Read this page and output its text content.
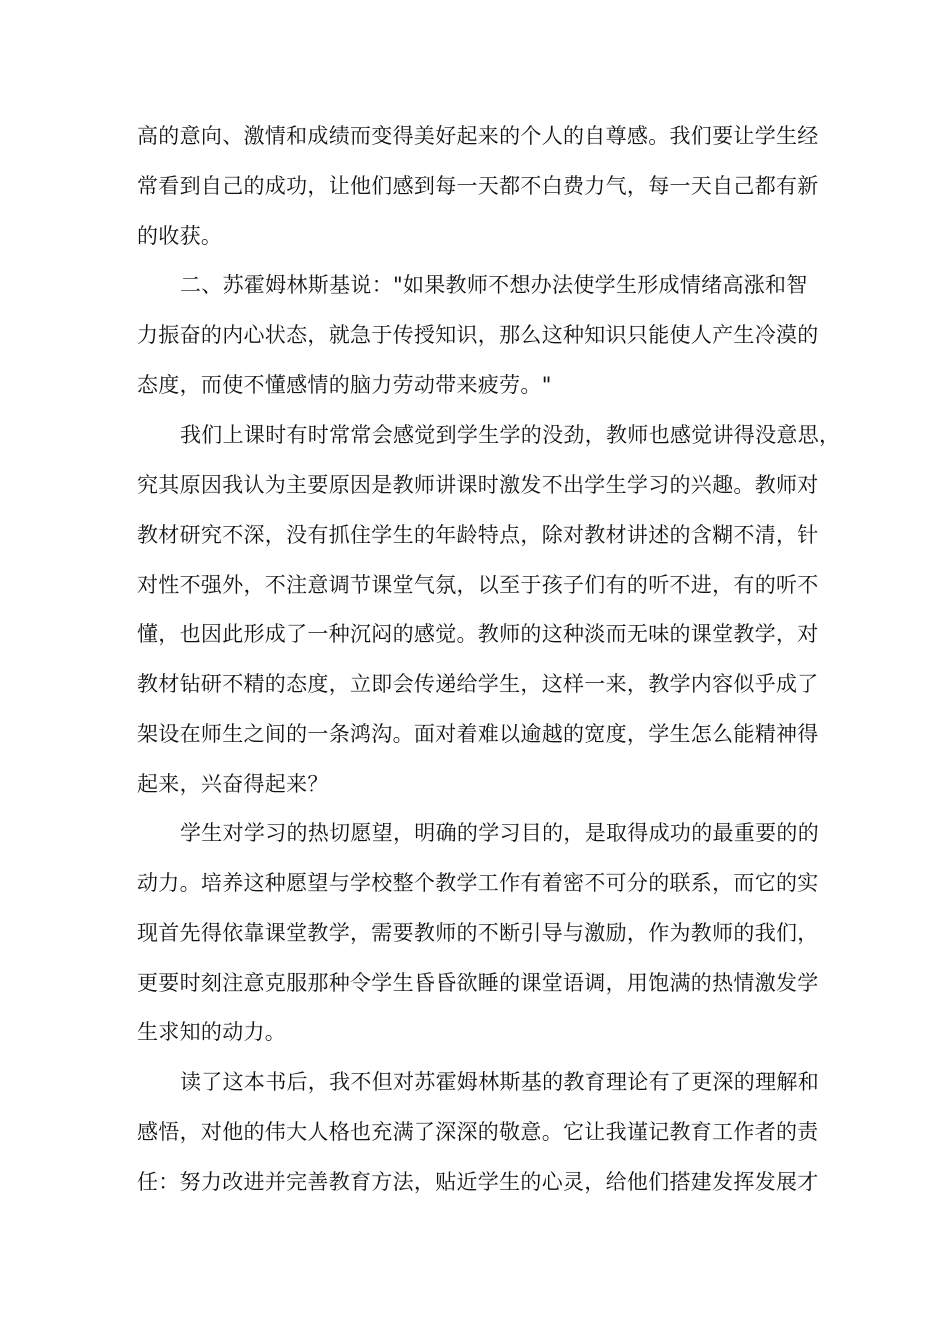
高的意向、激情和成绩而变得美好起来的个人的自尊感。我们要让学生经
常看到自己的成功，让他们感到每一天都不白费力气，每一天自己都有新
的收获。
二、苏霍姆林斯基说："如果教师不想办法使学生形成情绪高涨和智
力振奋的内心状态，就急于传授知识，那么这种知识只能使人产生冷漠的
态度，而使不懂感情的脑力劳动带来疲劳。"
我们上课时有时常常会感觉到学生学的没劲，教师也感觉讲得没意思，
究其原因我认为主要原因是教师讲课时激发不出学生学习的兴趣。教师对
教材研究不深，没有抓住学生的年龄特点，除对教材讲述的含糊不清，针
对性不强外，不注意调节课堂气氛，以至于孩子们有的听不进，有的听不
懂，也因此形成了一种沉闷的感觉。教师的这种淡而无味的课堂教学，对
教材钻研不精的态度，立即会传递给学生，这样一来，教学内容似乎成了
架设在师生之间的一条鸿沟。面对着难以逾越的宽度，学生怎么能精神得
起来，兴奋得起来？
学生对学习的热切愿望，明确的学习目的，是取得成功的最重要的的
动力。培养这种愿望与学校整个教学工作有着密不可分的联系，而它的实
现首先得依靠课堂教学，需要教师的不断引导与激励，作为教师的我们，
更要时刻注意克服那种令学生昏昏欲睡的课堂语调，用饱满的热情激发学
生求知的动力。
读了这本书后，我不但对苏霍姆林斯基的教育理论有了更深的理解和
感悟，对他的伟大人格也充满了深深的敬意。它让我谨记教育工作者的责
任：努力改进并完善教育方法，贴近学生的心灵，给他们搭建发挥发展才
